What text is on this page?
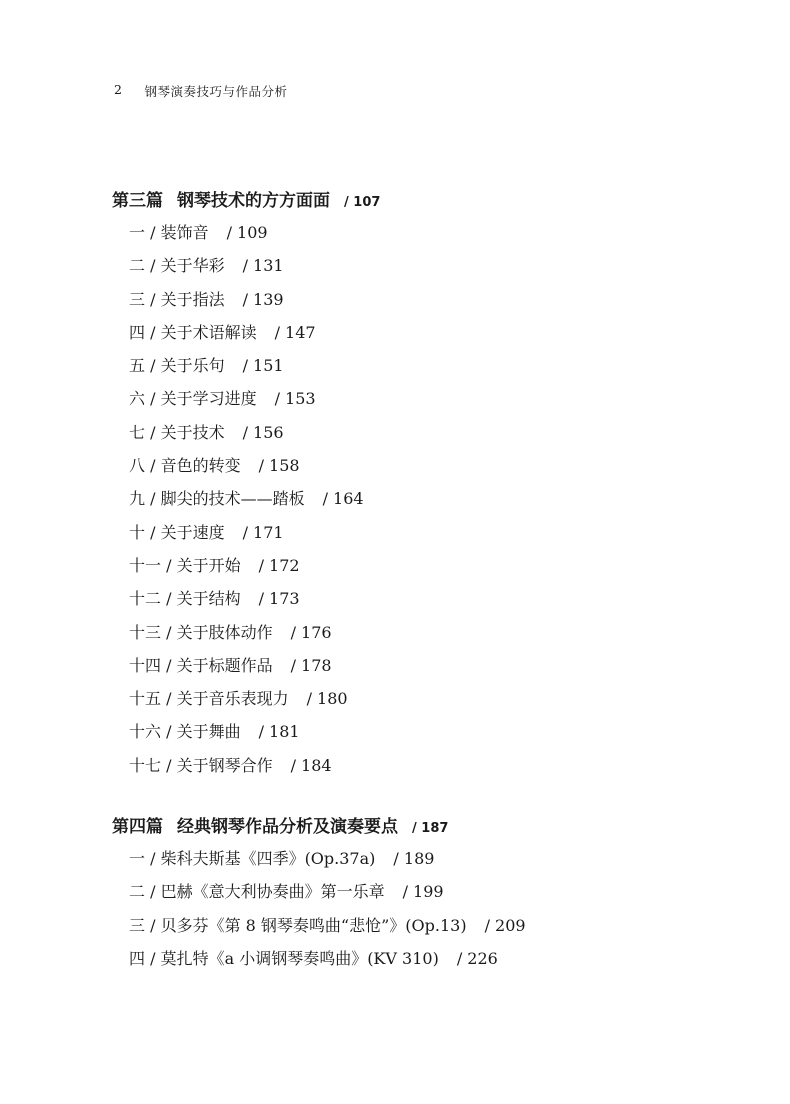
2 钢琴演奏技巧与作品分析
第三篇 钢琴技术的方方面面 / 107
一 / 装饰音 / 109
二 / 关于华彩 / 131
三 / 关于指法 / 139
四 / 关于术语解读 / 147
五 / 关于乐句 / 151
六 / 关于学习进度 / 153
七 / 关于技术 / 156
八 / 音色的转变 / 158
九 / 脚尖的技术——踏板 / 164
十 / 关于速度 / 171
十一 / 关于开始 / 172
十二 / 关于结构 / 173
十三 / 关于肢体动作 / 176
十四 / 关于标题作品 / 178
十五 / 关于音乐表现力 / 180
十六 / 关于舞曲 / 181
十七 / 关于钢琴合作 / 184
第四篇 经典钢琴作品分析及演奏要点 / 187
一 / 柴科夫斯基《四季》(Op.37a) / 189
二 / 巴赫《意大利协奏曲》第一乐章 / 199
三 / 贝多芬《第 8 钢琴奏鸣曲“悲怆”》(Op.13) / 209
四 / 莫扎特《a 小调钢琴奏鸣曲》(KV 310) / 226
